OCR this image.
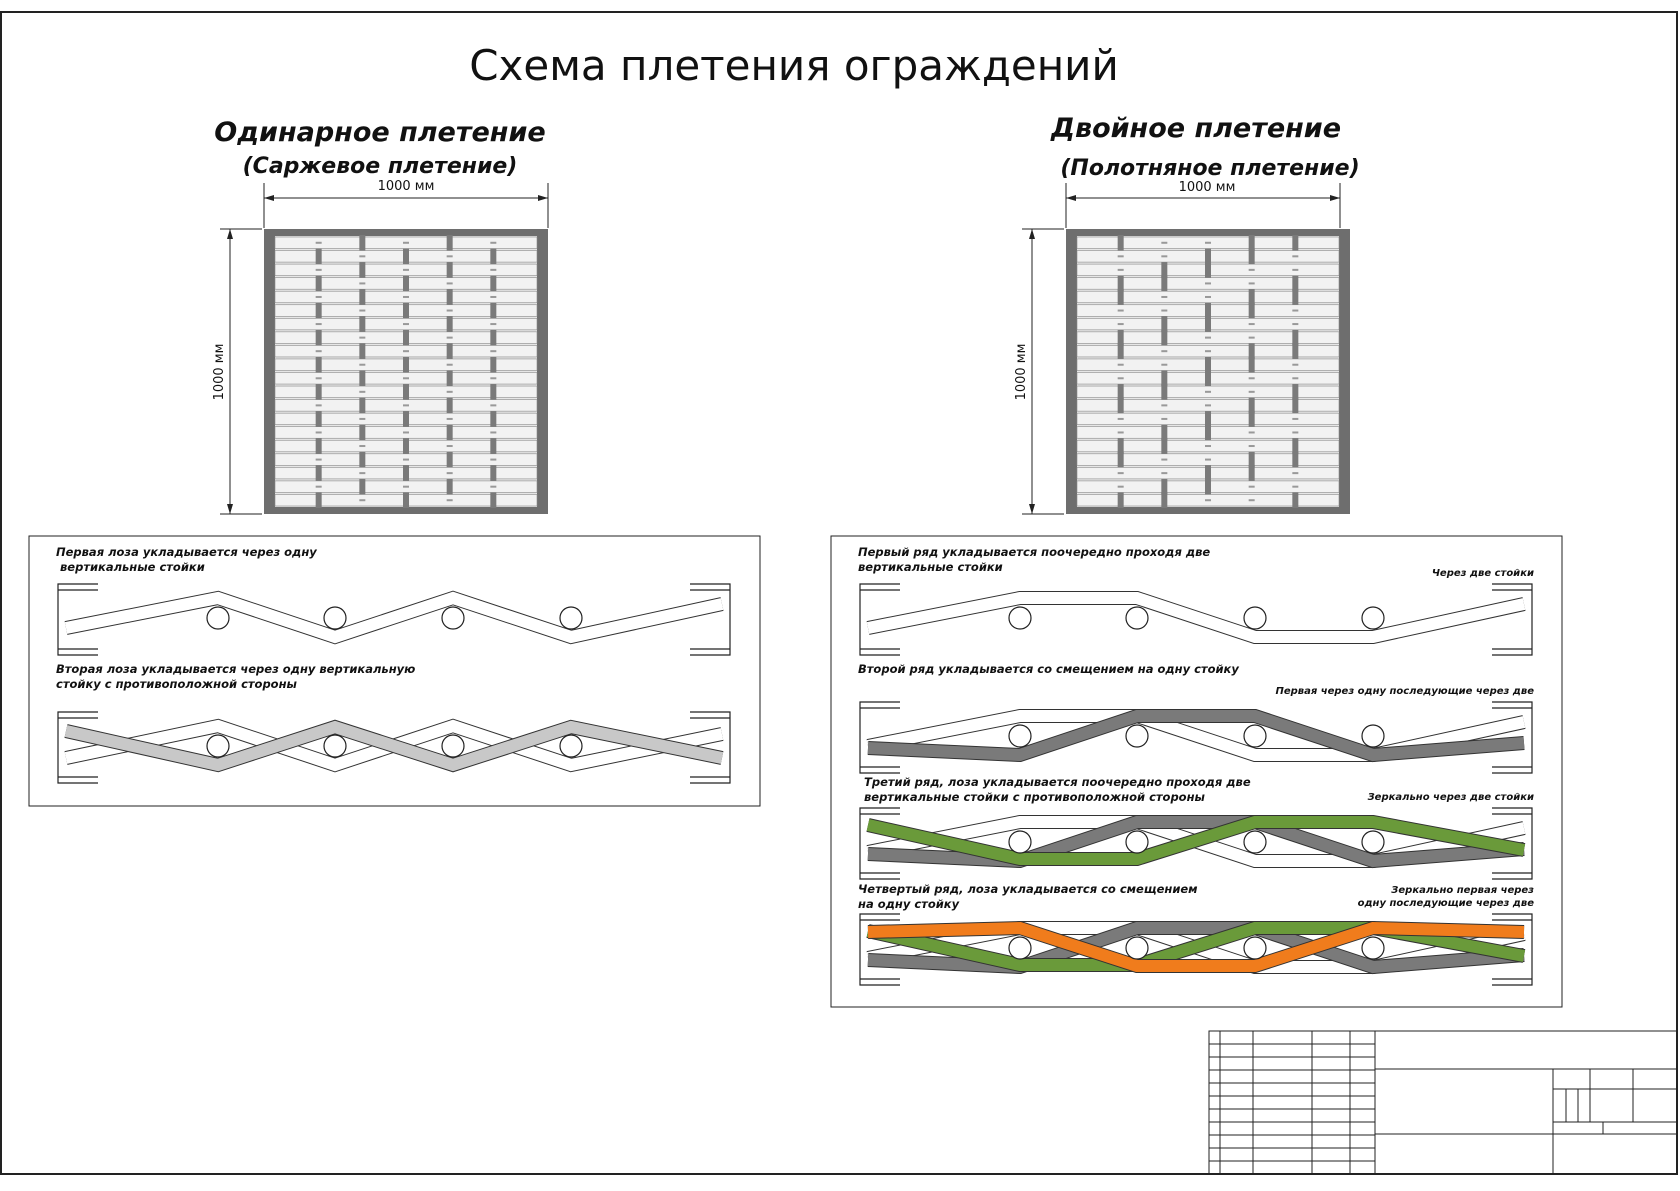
Схема плетения ограждений
Одинарное плетение
(Саржевое плетение)
Двойное плетение
(Полотняное плетение)
1000 мм
1000 мм
1000 мм
1000 мм
Первая лоза укладывается через одну
вертикальные стойки
Вторая лоза укладывается через одну вертикальную
стойку с противоположной стороны
Первый ряд укладывается поочередно проходя две
вертикальные стойки	Через две стойки
Второй ряд укладывается со смещением на одну стойку
Первая через одну последующие через две
Третий ряд, лоза укладывается поочередно проходя две
вертикальные стойки с противоположной стороны	Зеркально через две стойки
Четвертый ряд, лоза укладывается со смещением
на одну стойку
Зеркально первая через
одну последующие через две
